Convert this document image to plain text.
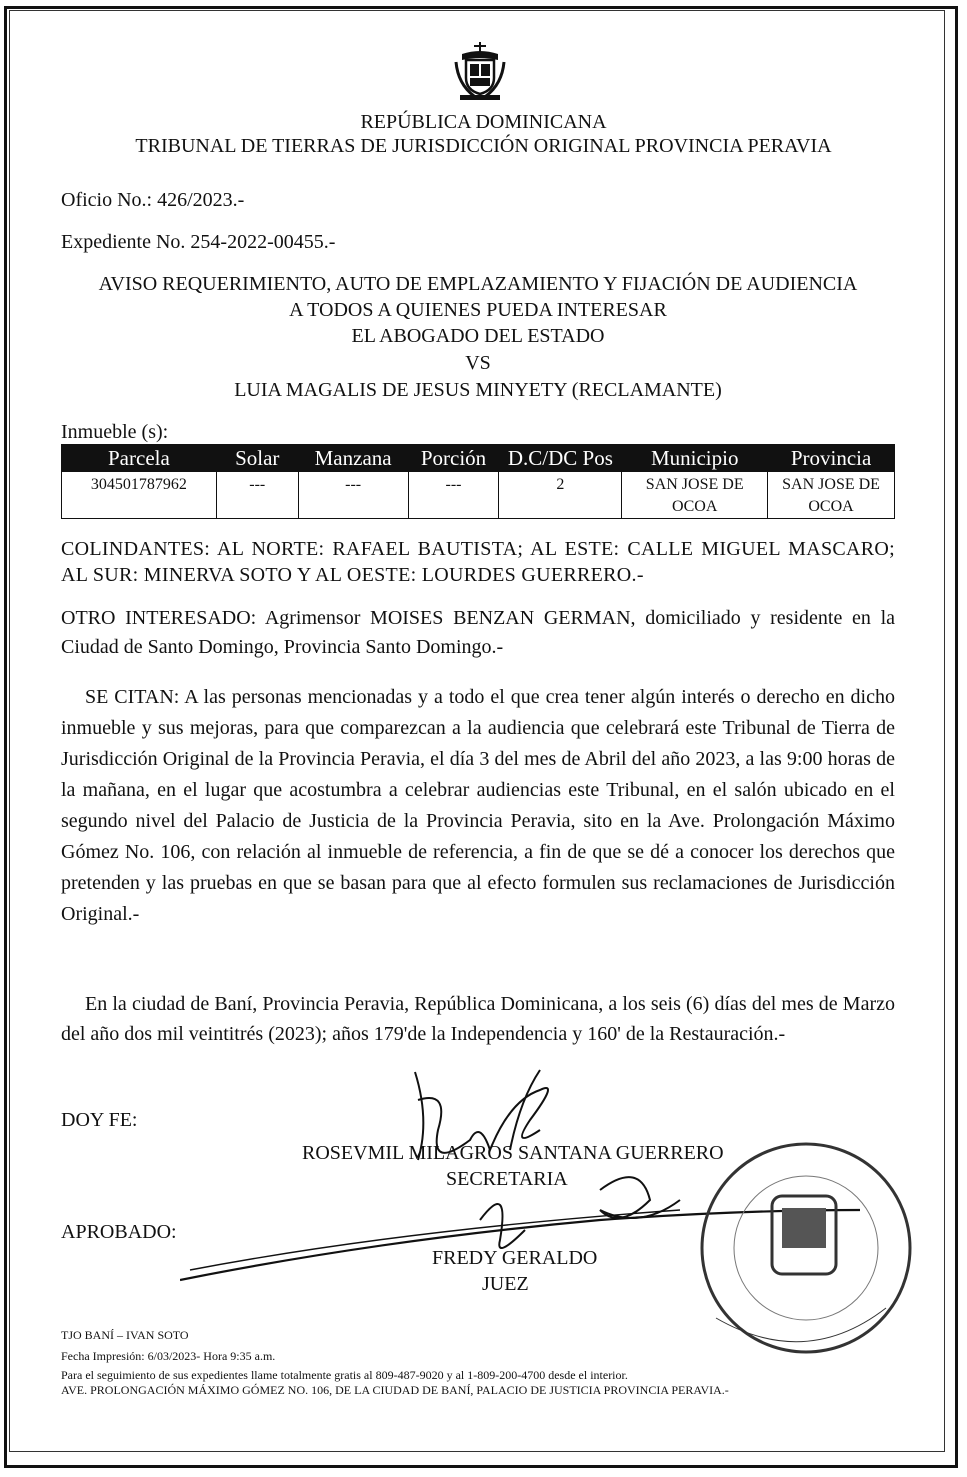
REPÚBLICA DOMINICANA
TRIBUNAL DE TIERRAS DE JURISDICCIÓN ORIGINAL PROVINCIA PERAVIA
Oficio No.: 426/2023.-
Expediente No. 254-2022-00455.-
AVISO REQUERIMIENTO, AUTO DE EMPLAZAMIENTO Y FIJACIÓN DE AUDIENCIA
A TODOS A QUIENES PUEDA INTERESAR
EL ABOGADO DEL ESTADO
VS
LUIA MAGALIS DE JESUS MINYETY (RECLAMANTE)
Inmueble (s):
Parcela	Solar	Manzana	Porción	D.C/DC Pos	Municipio	Provincia
304501787962	---	---	---	2	SAN JOSE DE OCOA	SAN JOSE DE OCOA
COLINDANTES: AL NORTE: RAFAEL BAUTISTA; AL ESTE: CALLE MIGUEL MASCARO; AL SUR: MINERVA SOTO Y AL OESTE: LOURDES GUERRERO.-
OTRO INTERESADO: Agrimensor MOISES BENZAN GERMAN, domiciliado y residente en la Ciudad de Santo Domingo, Provincia Santo Domingo.-
SE CITAN: A las personas mencionadas y a todo el que crea tener algún interés o derecho en dicho inmueble y sus mejoras, para que comparezcan a la audiencia que celebrará este Tribunal de Tierra de Jurisdicción Original de la Provincia Peravia, el día 3 del mes de Abril del año 2023, a las 9:00 horas de la mañana, en el lugar que acostumbra a celebrar audiencias este Tribunal, en el salón ubicado en el segundo nivel del Palacio de Justicia de la Provincia Peravia, sito en la Ave. Prolongación Máximo Gómez No. 106, con relación al inmueble de referencia, a fin de que se dé a conocer los derechos que pretenden y las pruebas en que se basan para que al efecto formulen sus reclamaciones de Jurisdicción Original.-
En la ciudad de Baní, Provincia Peravia, República Dominicana, a los seis (6) días del mes de Marzo del año dos mil veintitrés (2023); años 179'de la Independencia y 160' de la Restauración.-
DOY FE:
ROSEVMIL MILAGROS SANTANA GUERRERO
SECRETARIA
APROBADO:
FREDY GERALDO
JUEZ
TJO BANÍ – IVAN SOTO
Fecha Impresión: 6/03/2023- Hora 9:35 a.m.
Para el seguimiento de sus expedientes llame totalmente gratis al 809-487-9020 y al 1-809-200-4700 desde el interior.
AVE. PROLONGACIÓN MÁXIMO GÓMEZ NO. 106, DE LA CIUDAD DE BANÍ, PALACIO DE JUSTICIA PROVINCIA PERAVIA.-
